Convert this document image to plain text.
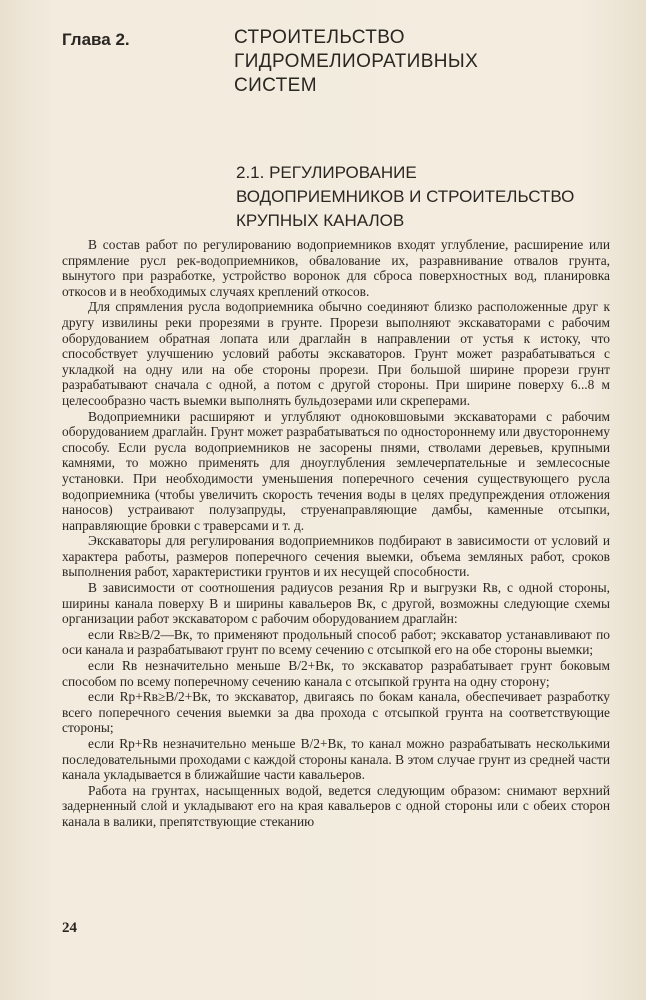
Глава 2.	СТРОИТЕЛЬСТВО
ГИДРОМЕЛИОРАТИВНЫХ
СИСТЕМ
2.1. РЕГУЛИРОВАНИЕ
ВОДОПРИЕМНИКОВ И СТРОИТЕЛЬСТВО
КРУПНЫХ КАНАЛОВ

В состав работ по регулированию водоприемников входят углубление, расширение или спрямление русл рек-водоприемников, обвалование их, разравнивание отвалов грунта, вынутого при разработке, устройство воронок для сброса поверхностных вод, планировка откосов и в необходимых случаях креплений откосов.

Для спрямления русла водоприемника обычно соединяют близко расположенные друг к другу извилины реки прорезями в грунте. Прорези выполняют экскаваторами с рабочим оборудованием обратная лопата или драглайн в направлении от устья к истоку, что способствует улучшению условий работы экскаваторов. Грунт может разрабатываться с укладкой на одну или на обе стороны прорези. При большой ширине прорези грунт разрабатывают сначала с одной, а потом с другой стороны. При ширине поверху 6...8 м целесообразно часть выемки выполнять бульдозерами или скреперами.

Водоприемники расширяют и углубляют одноковшовыми экскаваторами с рабочим оборудованием драглайн. Грунт может разрабатываться по одностороннему или двустороннему способу. Если русла водоприемников не засорены пнями, стволами деревьев, крупными камнями, то можно применять для дноуглубления землечерпательные и землесосные установки. При необходимости уменьшения поперечного сечения существующего русла водоприемника (чтобы увеличить скорость течения воды в целях предупреждения отложения наносов) устраивают полузапруды, струенаправляющие дамбы, каменные отсыпки, направляющие бровки с траверсами и т. д.

Экскаваторы для регулирования водоприемников подбирают в зависимости от условий и характера работы, размеров поперечного сечения выемки, объема земляных работ, сроков выполнения работ, характеристики грунтов и их несущей способности.

В зависимости от соотношения радиусов резания Rр и выгрузки Rв, с одной стороны, ширины канала поверху B и ширины кавальеров Bк, с другой, возможны следующие схемы организации работ экскаватором с рабочим оборудованием драглайн:

если Rв≥B/2—Bк, то применяют продольный способ работ; экскаватор устанавливают по оси канала и разрабатывают грунт по всему сечению с отсыпкой его на обе стороны выемки;

если Rв незначительно меньше B/2+Bк, то экскаватор разрабатывает грунт боковым способом по всему поперечному сечению канала с отсыпкой грунта на одну сторону;

если Rр+Rв≥B/2+Bк, то экскаватор, двигаясь по бокам канала, обеспечивает разработку всего поперечного сечения выемки за два прохода с отсыпкой грунта на соответствующие стороны;

если Rр+Rв незначительно меньше B/2+Bк, то канал можно разрабатывать несколькими последовательными проходами с каждой стороны канала. В этом случае грунт из средней части канала укладывается в ближайшие части кавальеров.

Работа на грунтах, насыщенных водой, ведется следующим образом: снимают верхний задерненный слой и укладывают его на края кавальеров с одной стороны или с обеих сторон канала в валики, препятствующие стеканию

24
